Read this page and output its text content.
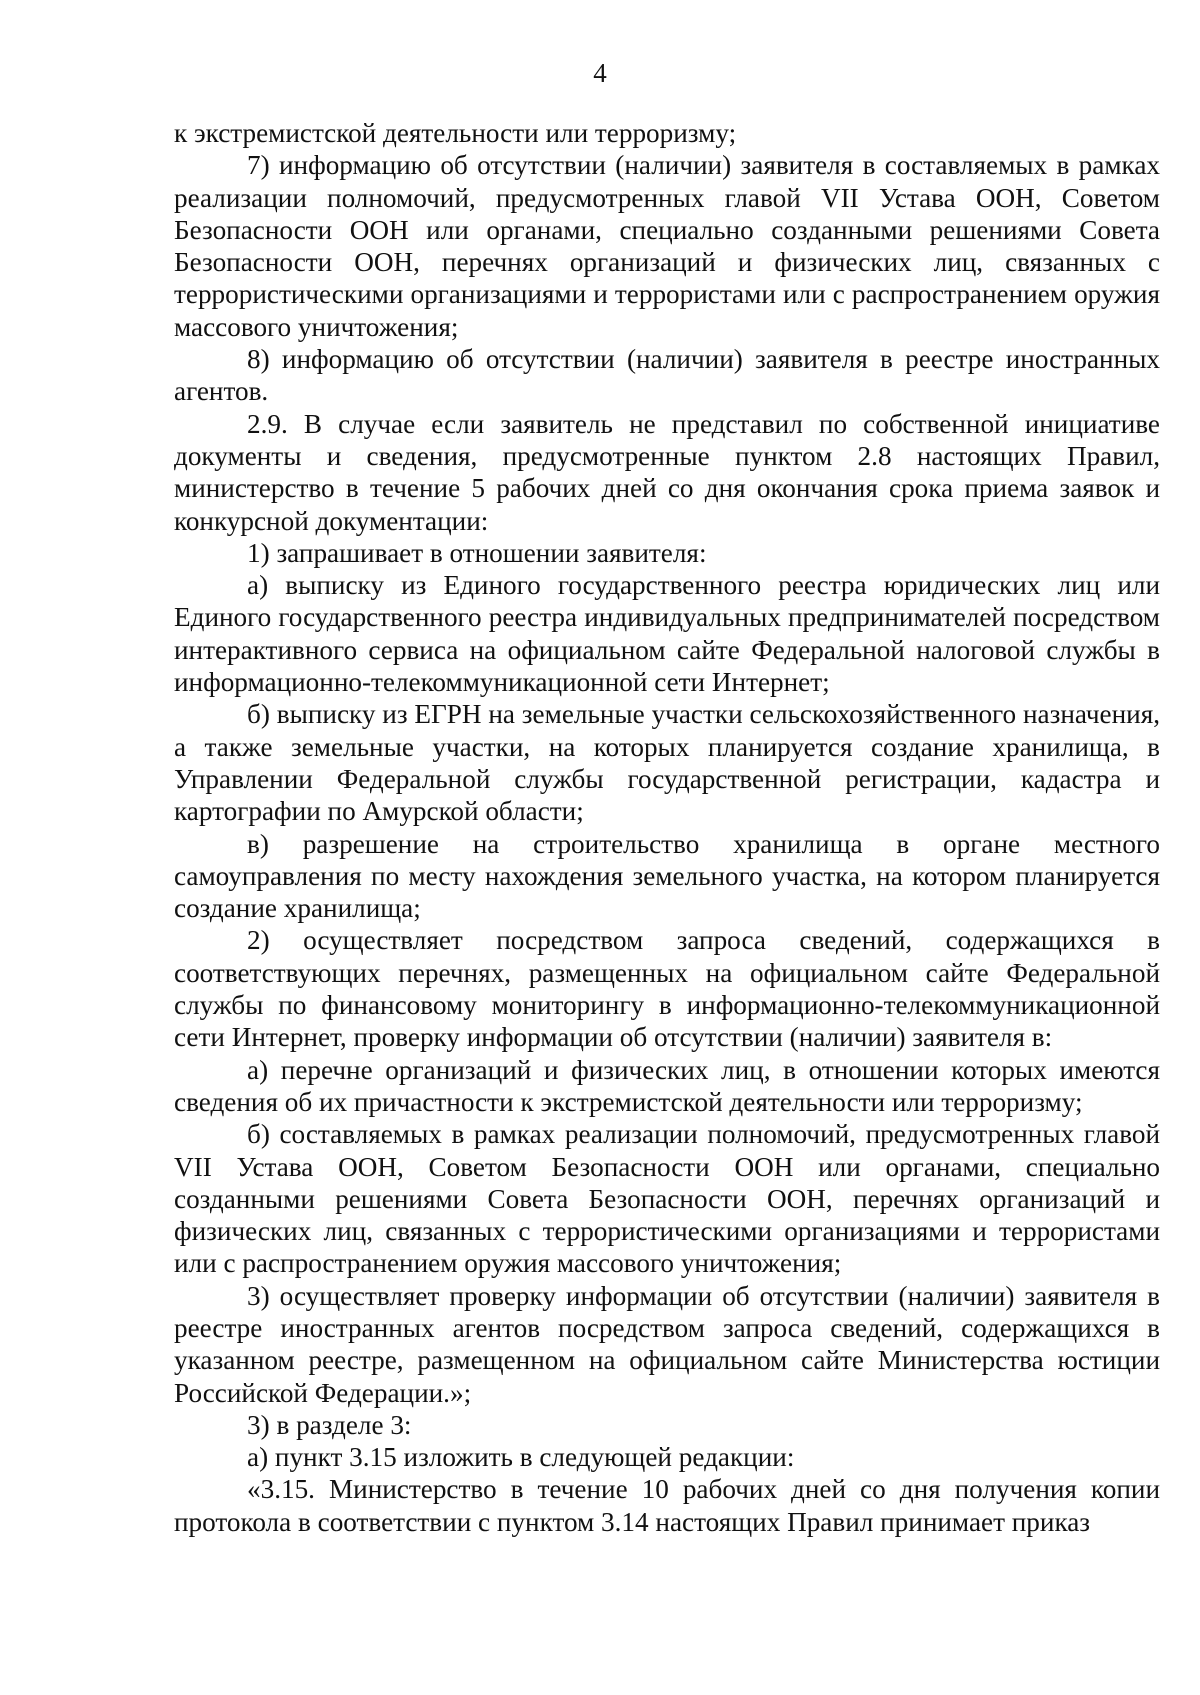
4

к экстремистской деятельности или терроризму;

7) информацию об отсутствии (наличии) заявителя в составляемых в рамках реализации полномочий, предусмотренных главой VII Устава ООН, Советом Безопасности ООН или органами, специально созданными решениями Совета Безопасности ООН, перечнях организаций и физических лиц, связанных с террористическими организациями и террористами или с распространением оружия массового уничтожения;

8) информацию об отсутствии (наличии) заявителя в реестре иностранных агентов.

2.9. В случае если заявитель не представил по собственной инициативе документы и сведения, предусмотренные пунктом 2.8 настоящих Правил, министерство в течение 5 рабочих дней со дня окончания срока приема заявок и конкурсной документации:

1) запрашивает в отношении заявителя:

а) выписку из Единого государственного реестра юридических лиц или Единого государственного реестра индивидуальных предпринимателей посредством интерактивного сервиса на официальном сайте Федеральной налоговой службы в информационно-телекоммуникационной сети Интернет;

б) выписку из ЕГРН на земельные участки сельскохозяйственного назначения, а также земельные участки, на которых планируется создание хранилища, в Управлении Федеральной службы государственной регистрации, кадастра и картографии по Амурской области;

в) разрешение на строительство хранилища в органе местного самоуправления по месту нахождения земельного участка, на котором планируется создание хранилища;

2) осуществляет посредством запроса сведений, содержащихся в соответствующих перечнях, размещенных на официальном сайте Федеральной службы по финансовому мониторингу в информационно-телекоммуникационной сети Интернет, проверку информации об отсутствии (наличии) заявителя в:

а) перечне организаций и физических лиц, в отношении которых имеются сведения об их причастности к экстремистской деятельности или терроризму;

б) составляемых в рамках реализации полномочий, предусмотренных главой VII Устава ООН, Советом Безопасности ООН или органами, специально созданными решениями Совета Безопасности ООН, перечнях организаций и физических лиц, связанных с террористическими организациями и террористами или с распространением оружия массового уничтожения;

3) осуществляет проверку информации об отсутствии (наличии) заявителя в реестре иностранных агентов посредством запроса сведений, содержащихся в указанном реестре, размещенном на официальном сайте Министерства юстиции Российской Федерации.»;

3) в разделе 3:

а) пункт 3.15 изложить в следующей редакции:

«3.15. Министерство в течение 10 рабочих дней со дня получения копии протокола в соответствии с пунктом 3.14 настоящих Правил принимает приказ
